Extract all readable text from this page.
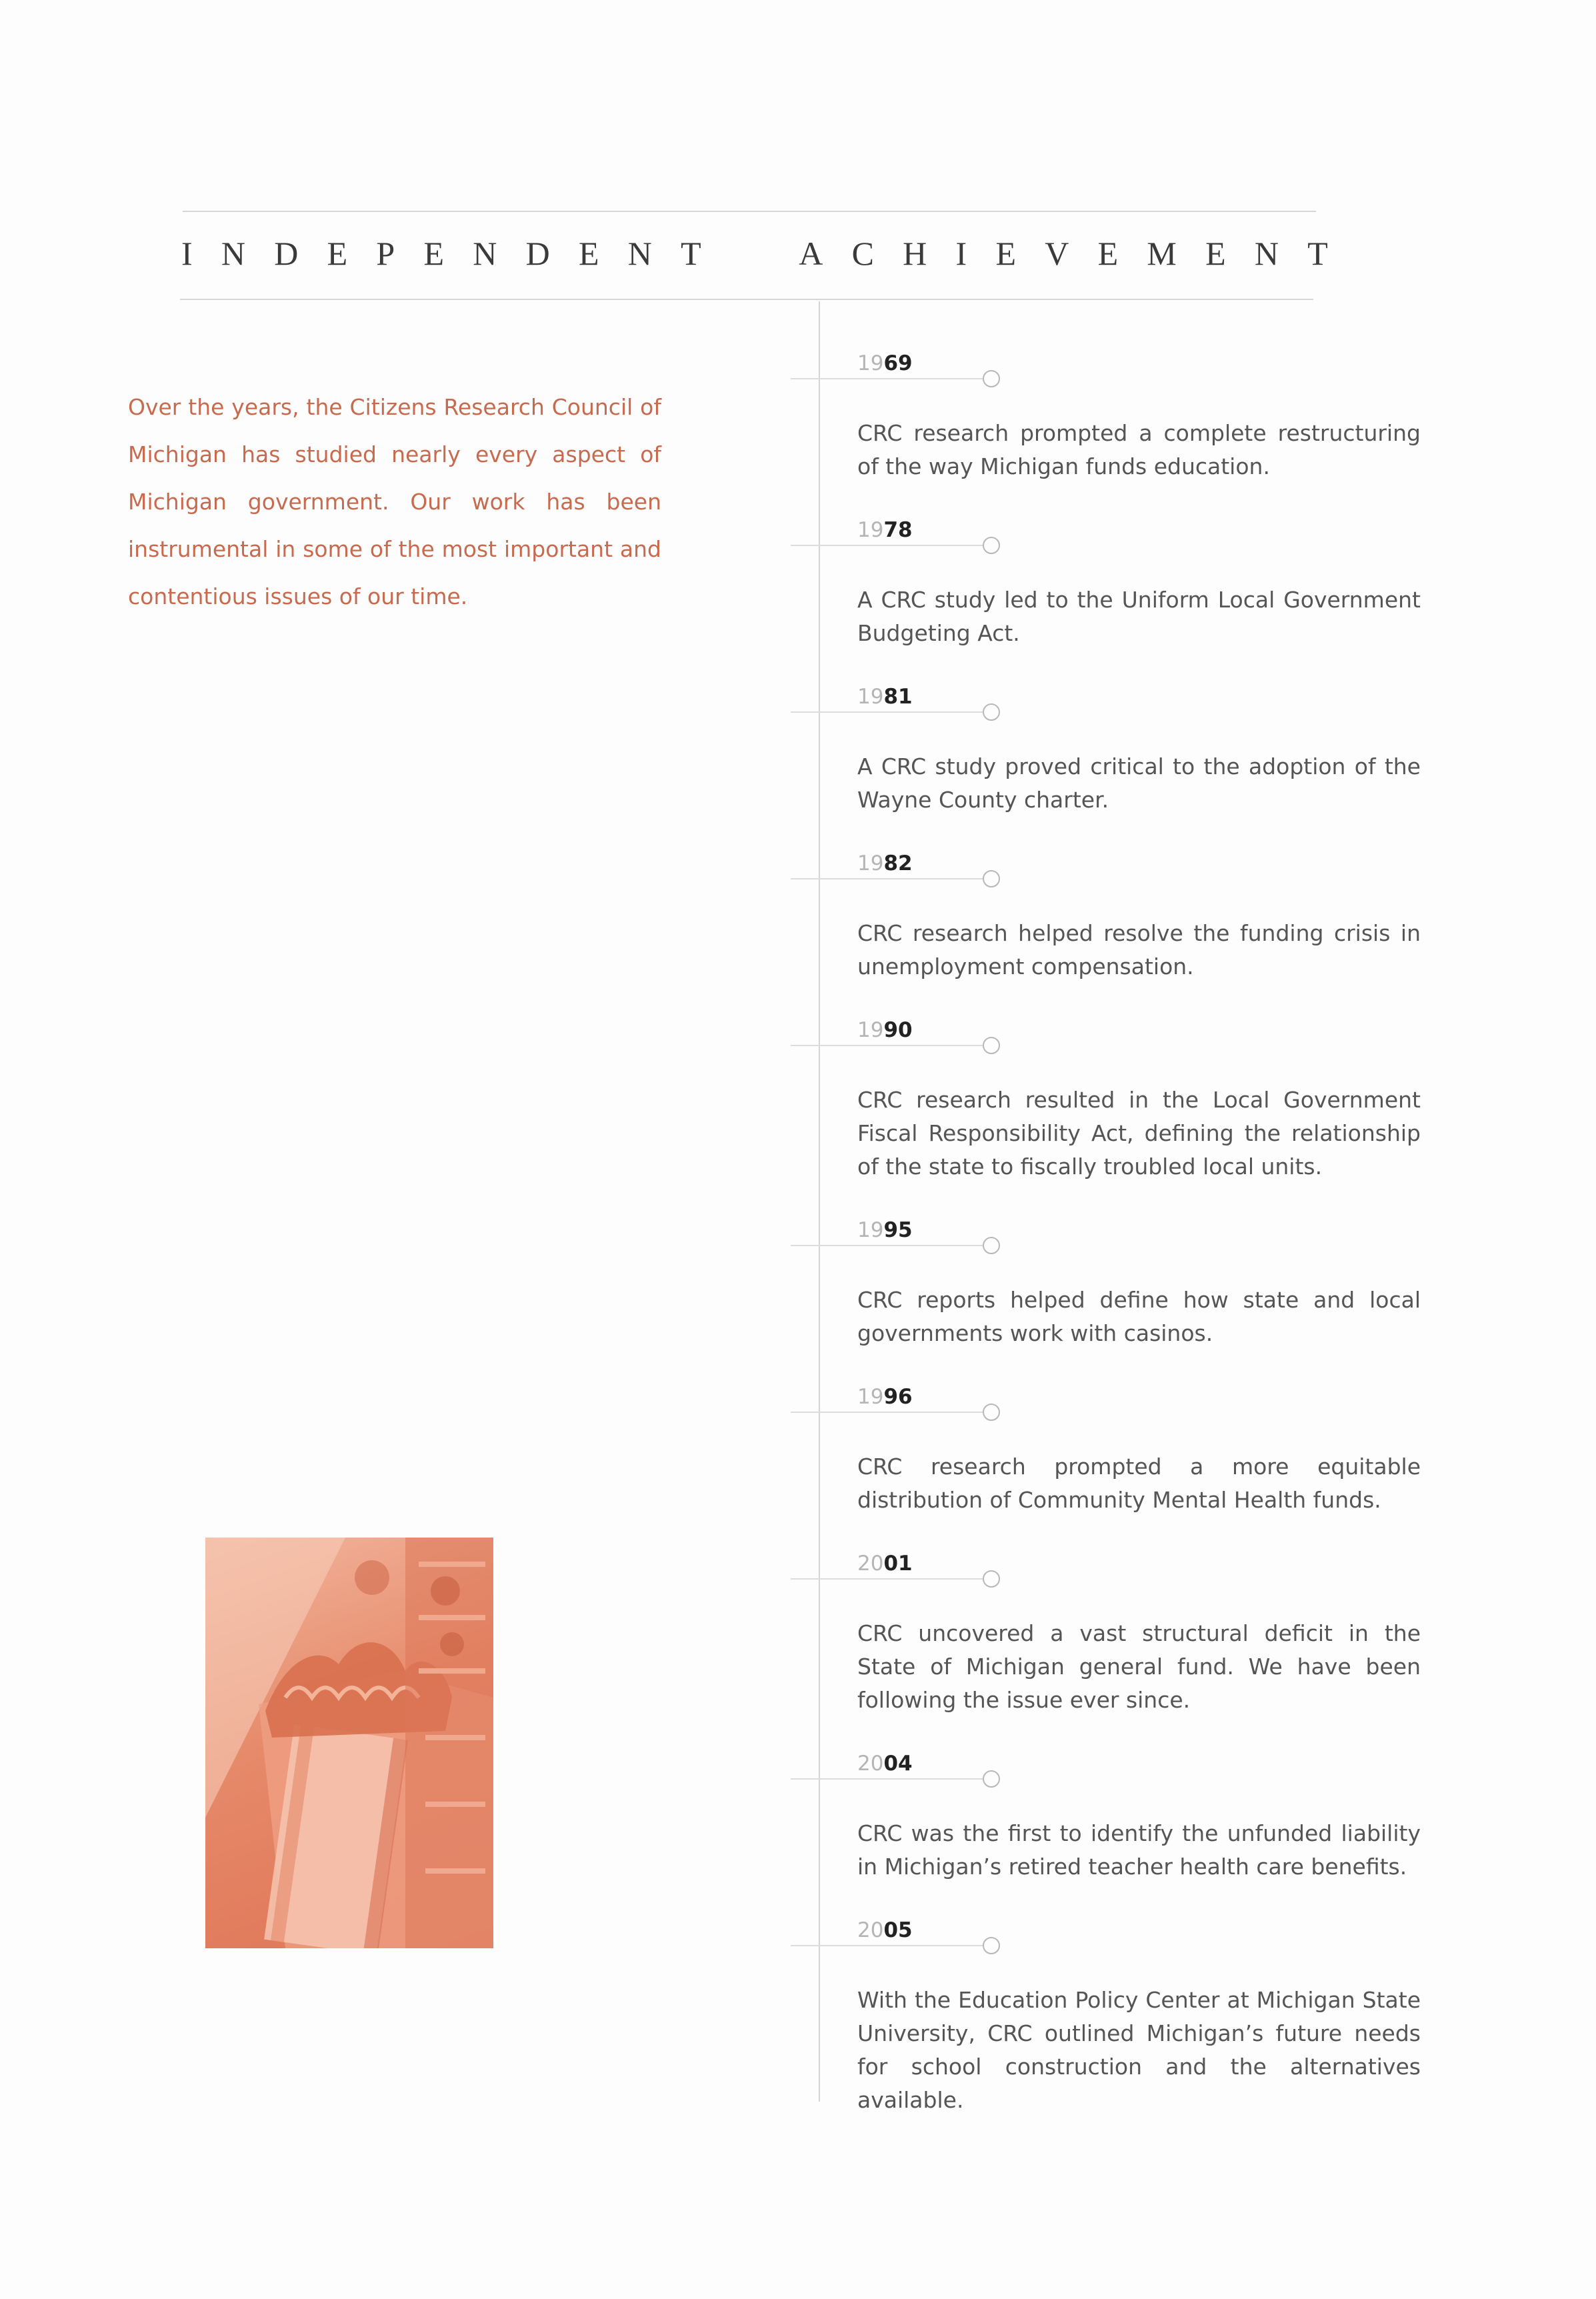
I N D E P E N D E N T	A C H I E V E M E N T
Over the years, the Citizens Research Council of Michigan has studied nearly every aspect of Michigan government. Our work has been instrumental in some of the most important and contentious issues of our time.
1969
CRC research prompted a complete restructuring of the way Michigan funds education.
1978
A CRC study led to the Uniform Local Government Budgeting Act.
1981
A CRC study proved critical to the adoption of the Wayne County charter.
1982
CRC research helped resolve the funding crisis in unemployment compensation.
1990
CRC research resulted in the Local Government Fiscal Responsibility Act, defining the relationship of the state to fiscally troubled local units.
1995
CRC reports helped define how state and local governments work with casinos.
1996
CRC research prompted a more equitable distribution of Community Mental Health funds.
2001
CRC uncovered a vast structural deficit in the State of Michigan general fund. We have been following the issue ever since.
2004
CRC was the first to identify the unfunded liability in Michigan’s retired teacher health care benefits.
2005
With the Education Policy Center at Michigan State University, CRC outlined Michigan’s future needs for school construction and the alternatives available.
